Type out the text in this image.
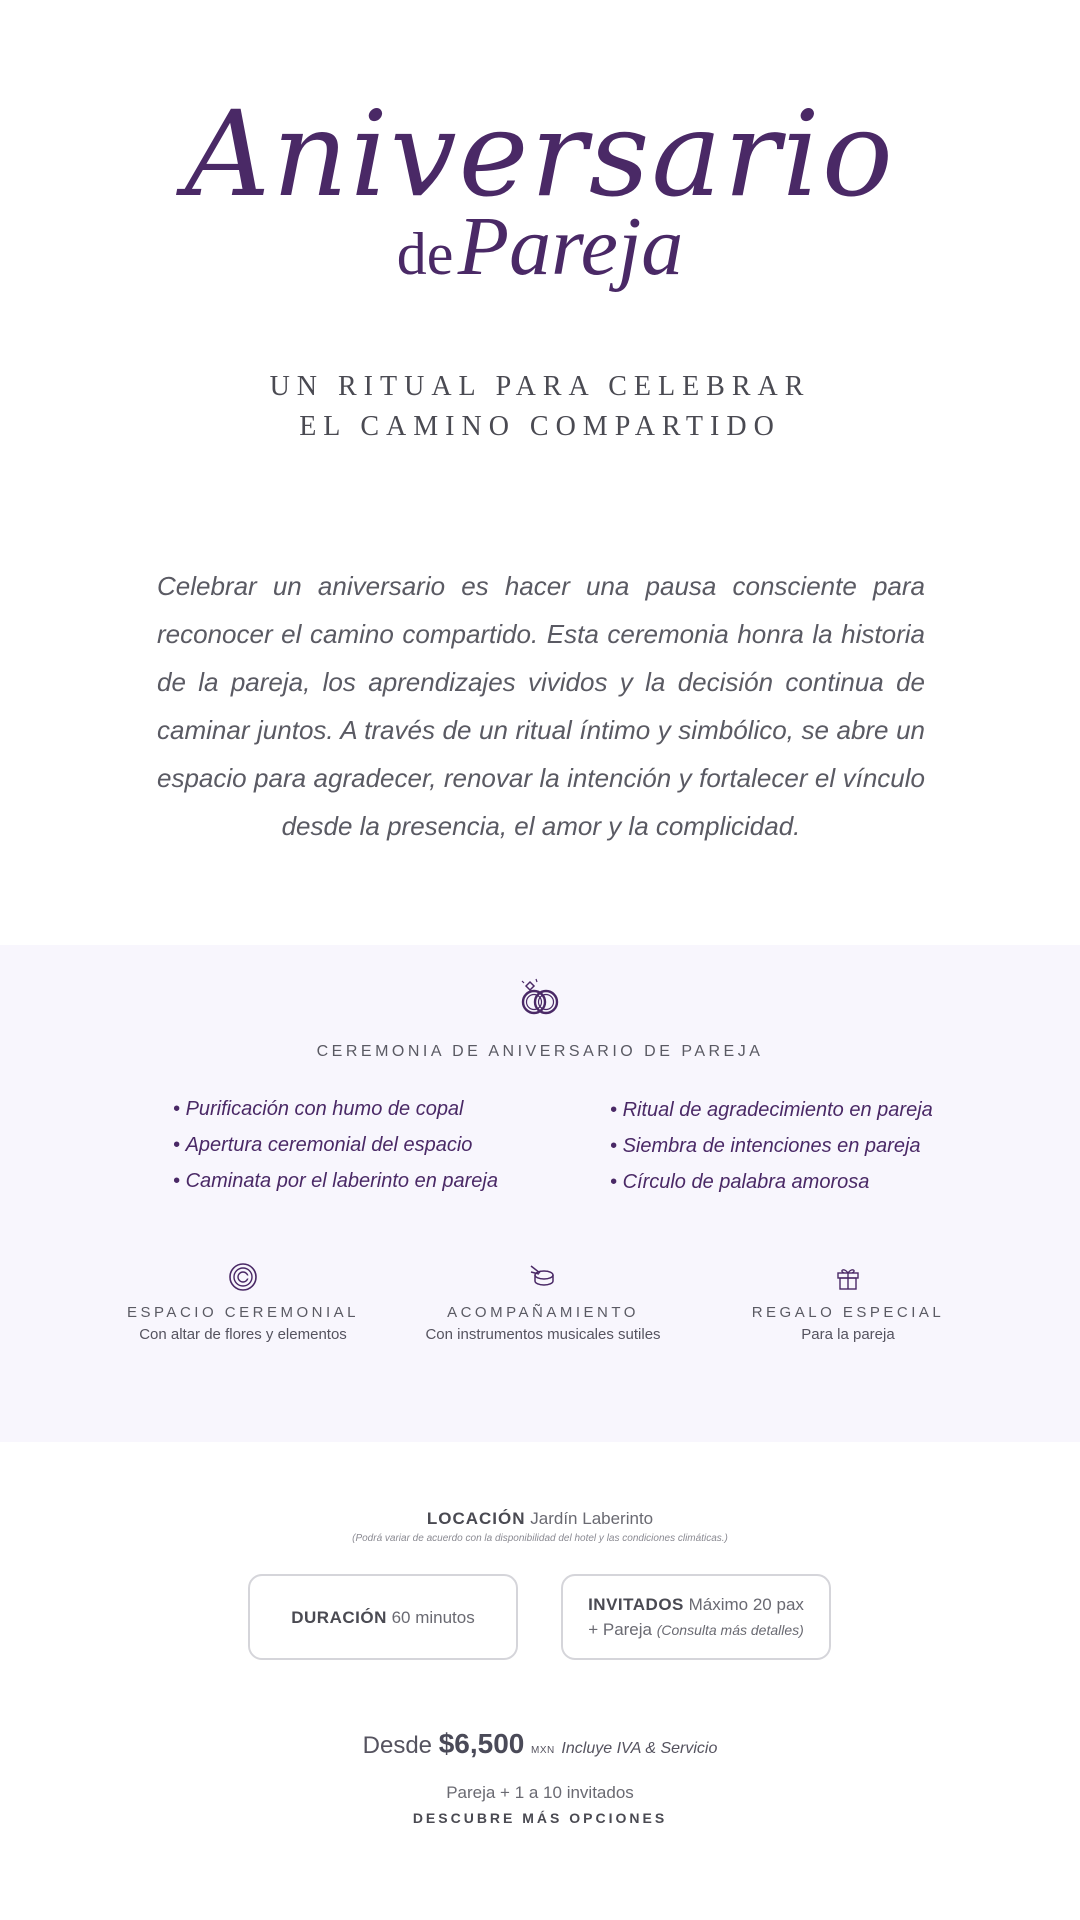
Aniversario
de Pareja
UN RITUAL PARA CELEBRAR
EL CAMINO COMPARTIDO

Celebrar un aniversario es hacer una pausa consciente para reconocer el camino compartido. Esta ceremonia honra la historia de la pareja, los aprendizajes vividos y la decisión continua de caminar juntos. A través de un ritual íntimo y simbólico, se abre un espacio para agradecer, renovar la intención y fortalecer el vínculo desde la presencia, el amor y la complicidad.

CEREMONIA DE ANIVERSARIO DE PAREJA
• Purificación con humo de copal
• Apertura ceremonial del espacio
• Caminata por el laberinto en pareja
• Ritual de agradecimiento en pareja
• Siembra de intenciones en pareja
• Círculo de palabra amorosa
ESPACIO CEREMONIAL
Con altar de flores y elementos
ACOMPAÑAMIENTO
Con instrumentos musicales sutiles
REGALO ESPECIAL
Para la pareja
LOCACIÓN Jardín Laberinto
(Podrá variar de acuerdo con la disponibilidad del hotel y las condiciones climáticas.)
DURACIÓN 60 minutos
INVITADOS Máximo 20 pax
+ Pareja (Consulta más detalles)
Desde $6,500 MXN Incluye IVA & Servicio
Pareja + 1 a 10 invitados
DESCUBRE MÁS OPCIONES
